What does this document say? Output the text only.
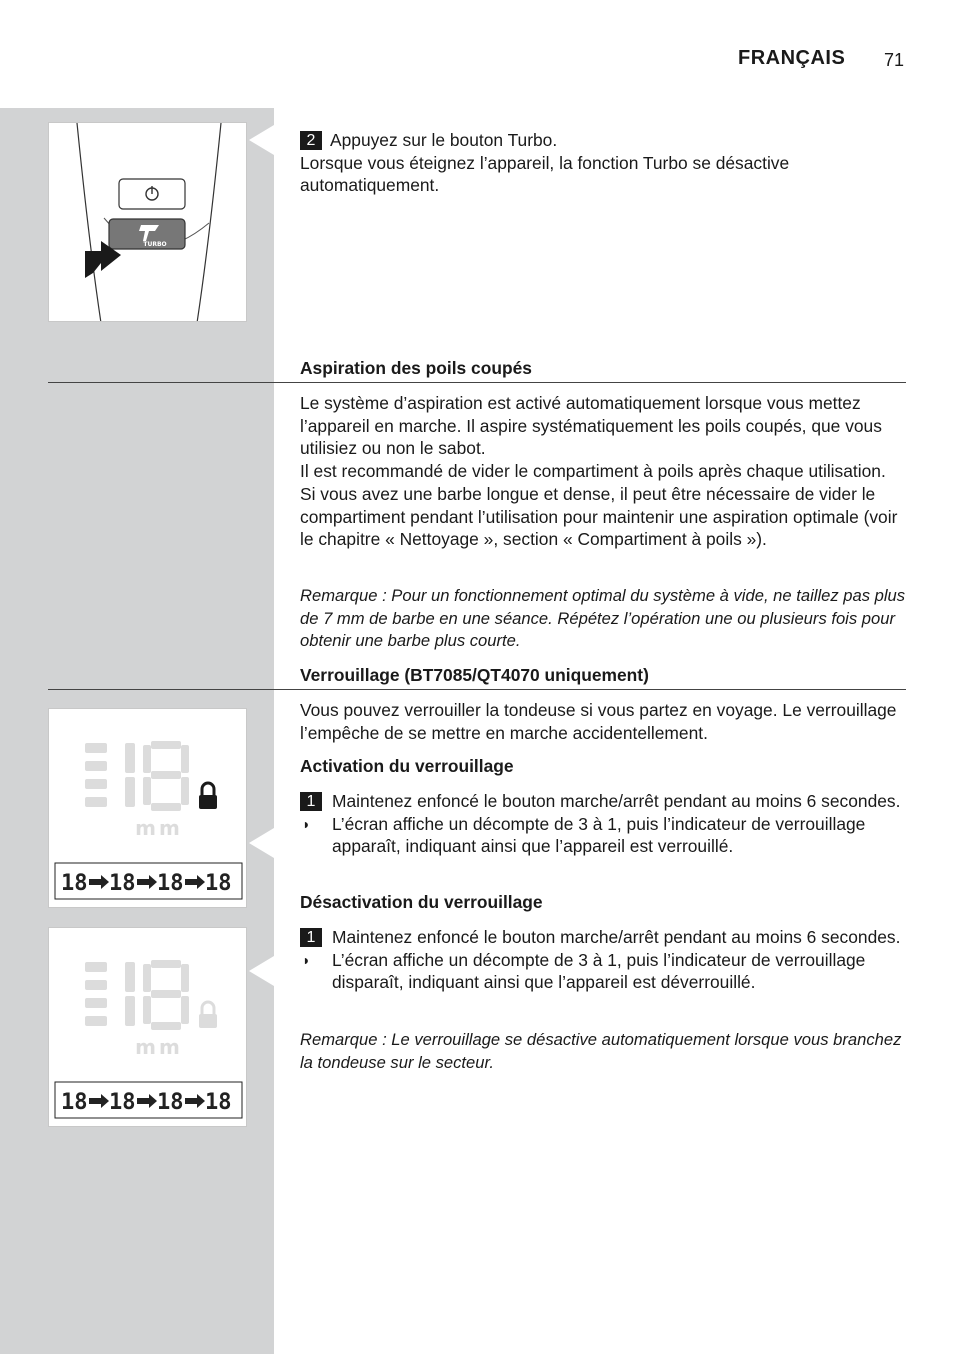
FRANÇAIS 71
TURBO

2 Appuyez sur le bouton Turbo.

Lorsque vous éteignez l’appareil, la fonction Turbo se désactive automatiquement.

Aspiration des poils coupés

Le système d’aspiration est activé automatiquement lorsque vous mettez l’appareil en marche. Il aspire systématiquement les poils coupés, que vous utilisiez ou non le sabot.

Il est recommandé de vider le compartiment à poils après chaque utilisation. Si vous avez une barbe longue et dense, il peut être nécessaire de vider le compartiment pendant l’utilisation pour maintenir une aspiration optimale (voir le chapitre « Nettoyage », section « Compartiment à poils »).

Remarque : Pour un fonctionnement optimal du système à vide, ne taillez pas plus de 7 mm de barbe en une séance. Répétez l’opération une ou plusieurs fois pour obtenir une barbe plus courte.
Verrouillage (BT7085/QT4070 uniquement)
Vous pouvez verrouiller la tondeuse si vous partez en voyage. Le verrouillage l’empêche de se mettre en marche accidentellement.
Activation du verrouillage
1 Maintenez enfoncé le bouton marche/arrêt pendant au moins 6 secondes.
◗ L’écran affiche un décompte de 3 à 1, puis l’indicateur de verrouillage apparaît, indiquant ainsi que l’appareil est verrouillé.
Désactivation du verrouillage
1 Maintenez enfoncé le bouton marche/arrêt pendant au moins 6 secondes.
◗ L’écran affiche un décompte de 3 à 1, puis l’indicateur de verrouillage disparaît, indiquant ainsi que l’appareil est déverrouillé.
Remarque : Le verrouillage se désactive automatiquement lorsque vous branchez la tondeuse sur le secteur.
mm
18 18 18 18
mm
18 18 18 18
